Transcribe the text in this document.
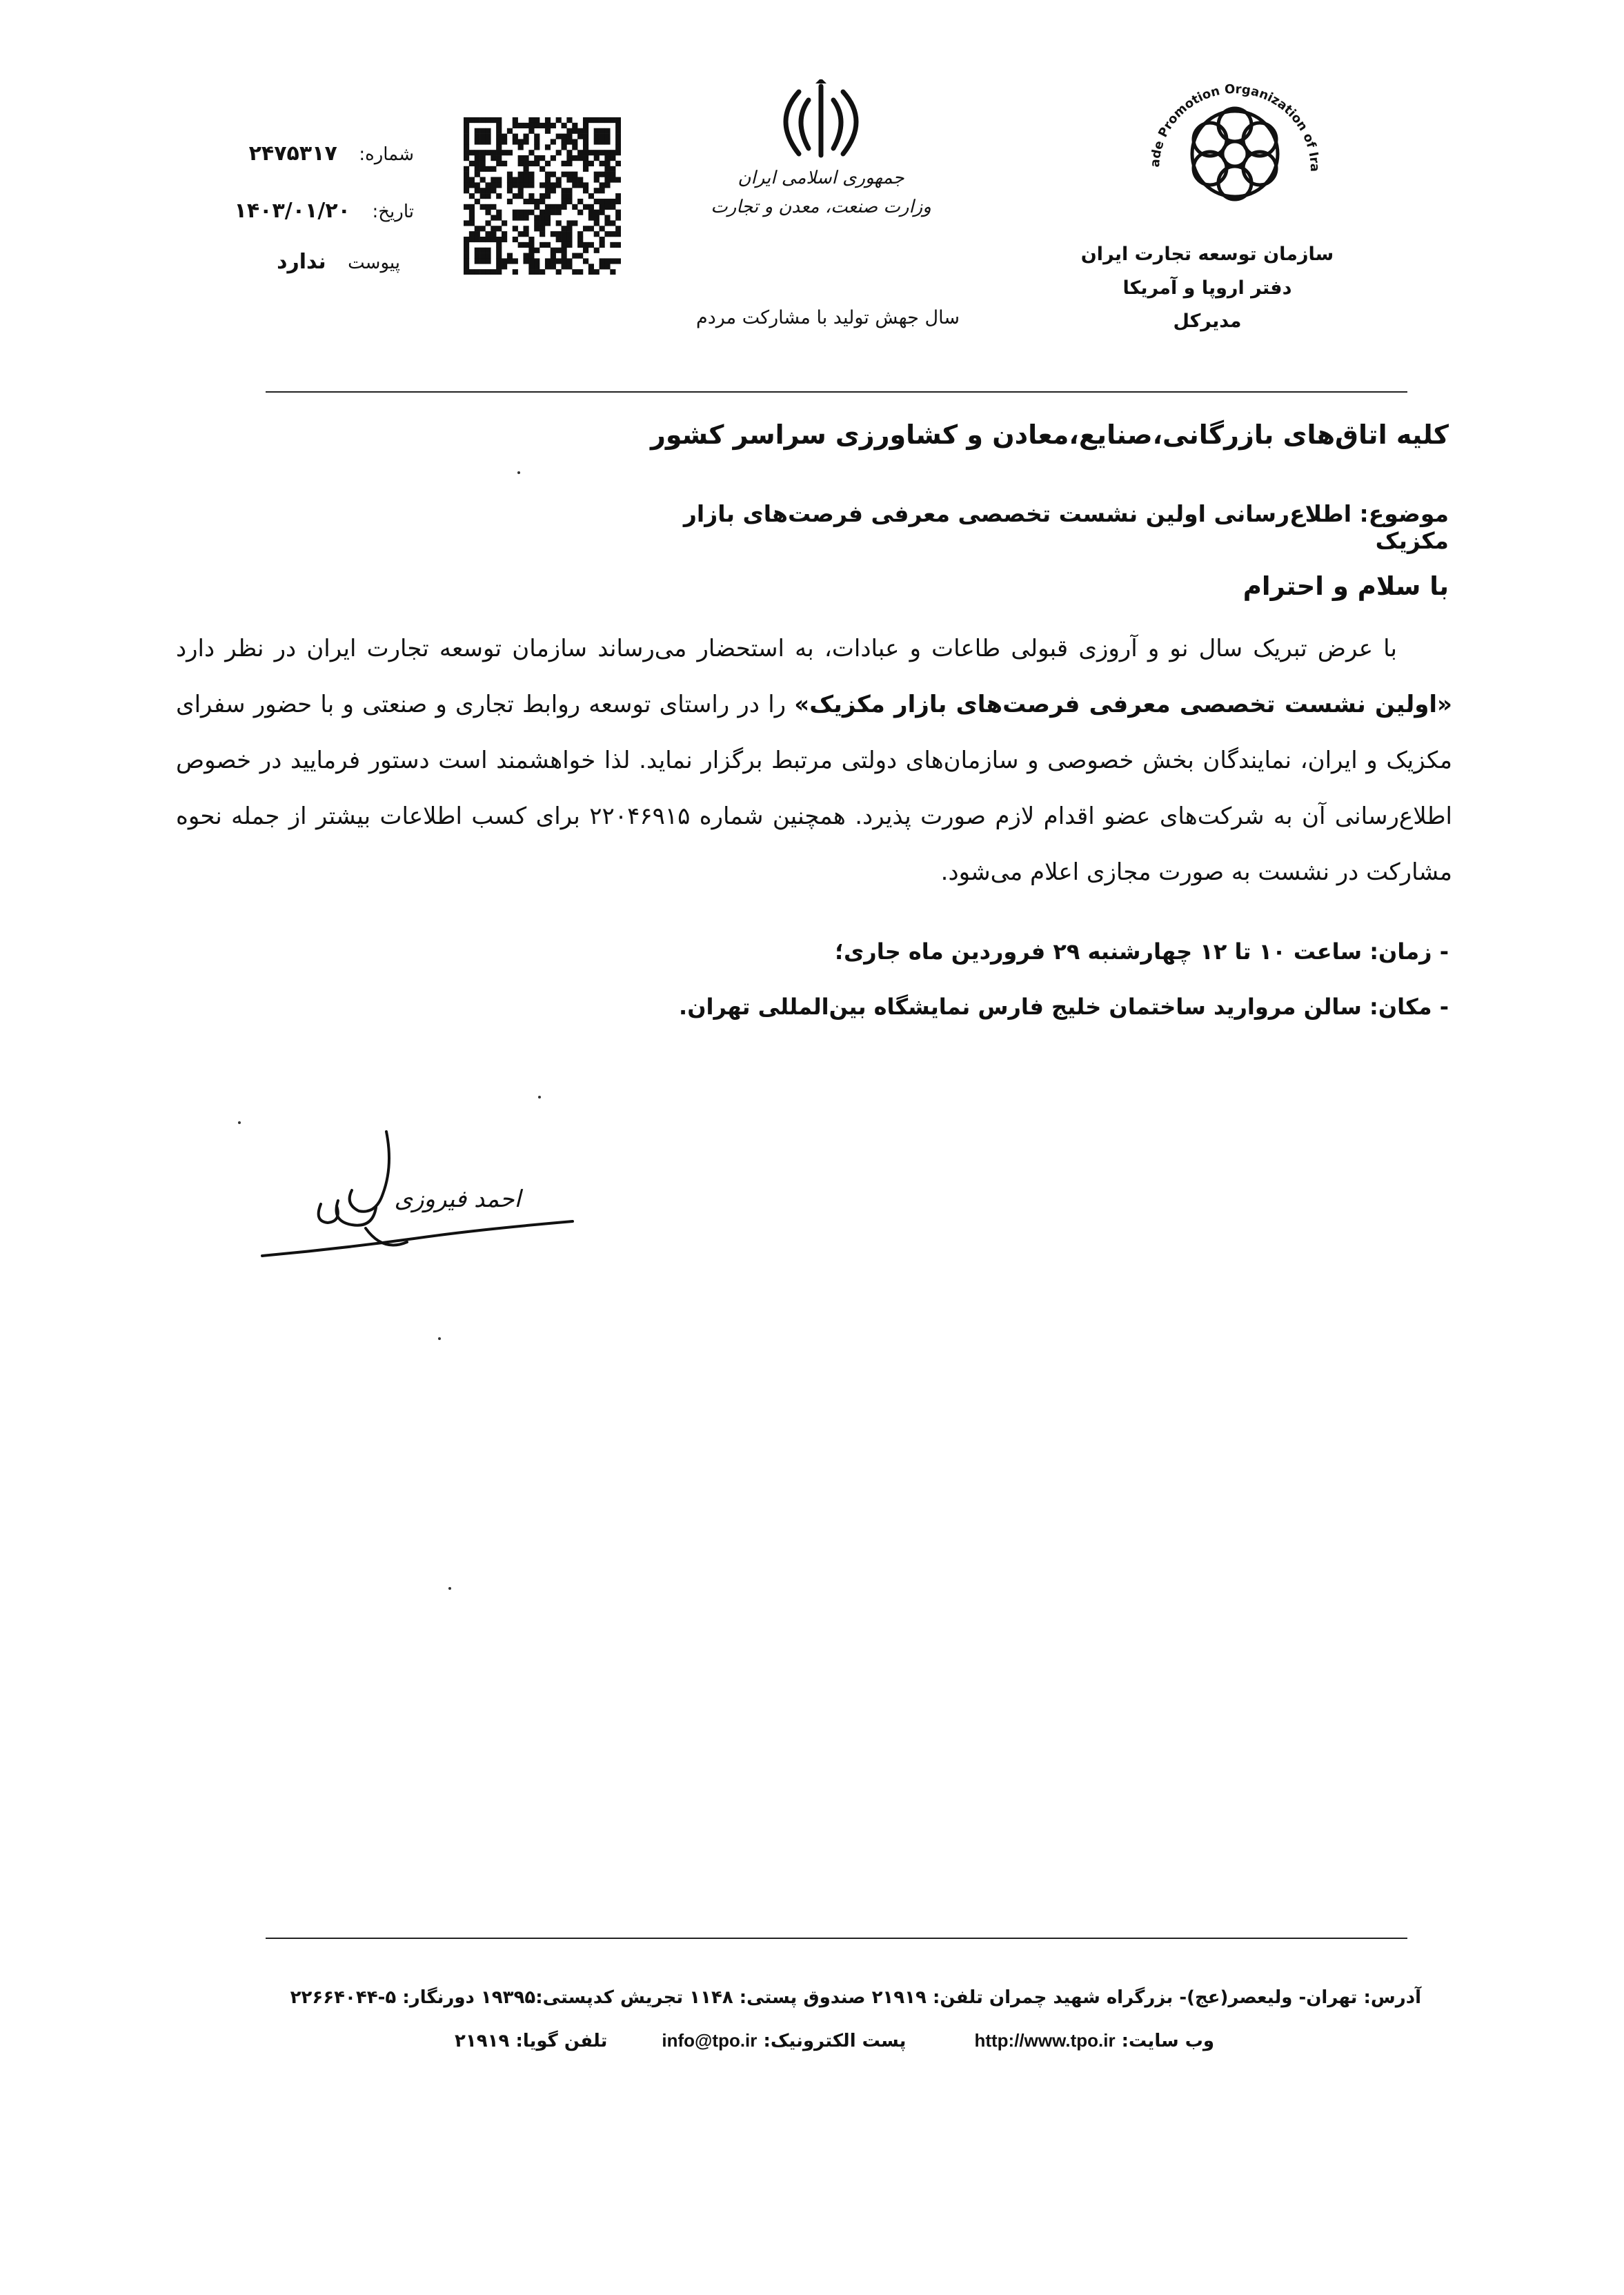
ade Promotion Organization of Ira
سازمان توسعه تجارت ایران
دفتر اروپا و آمریکا
مدیرکل
جمهوری اسلامی ایران
وزارت صنعت، معدن و تجارت
سال جهش تولید با مشارکت مردم
شماره: ۲۴۷۵۳۱۷
تاریخ: ۱۴۰۳/۰۱/۲۰
پیوست ندارد
کلیه اتاق‌های بازرگانی،صنایع،معادن و کشاورزی سراسر کشور
موضوع: اطلاع‌رسانی اولین نشست تخصصی معرفی فرصت‌های بازار مکزیک
با سلام و احترام

با عرض تبریک سال نو و آروزی قبولی طاعات و عبادات، به استحضار می‌رساند سازمان توسعه تجارت ایران در نظر دارد «اولین نشست تخصصی معرفی فرصت‌های بازار مکزیک» را در راستای توسعه روابط تجاری و صنعتی و با حضور سفرای مکزیک و ایران، نمایندگان بخش خصوصی و سازمان‌های دولتی مرتبط برگزار نماید. لذا خواهشمند است دستور فرمایید در خصوص اطلاع‌رسانی آن به شرکت‌های عضو اقدام لازم صورت پذیرد. همچنین شماره ۲۲۰۴۶۹۱۵ برای کسب اطلاعات بیشتر از جمله نحوه مشارکت در نشست به صورت مجازی اعلام می‌شود.

- زمان: ساعت ۱۰ تا ۱۲ چهارشنبه ۲۹ فروردین ماه جاری؛
- مکان: سالن مروارید ساختمان خلیج فارس نمایشگاه بین‌المللی تهران.
احمد فیروزی
آدرس: تهران- ولیعصر(عج)- بزرگراه شهید چمران تلفن: ۲۱۹۱۹ صندوق پستی: ۱۱۴۸ تجریش کدپستی:۱۹۳۹۵ دورنگار: ۵-۲۲۶۶۴۰۴۴
وب سایت: http://www.tpo.ir پست الکترونیک: info@tpo.ir تلفن گویا: ۲۱۹۱۹
